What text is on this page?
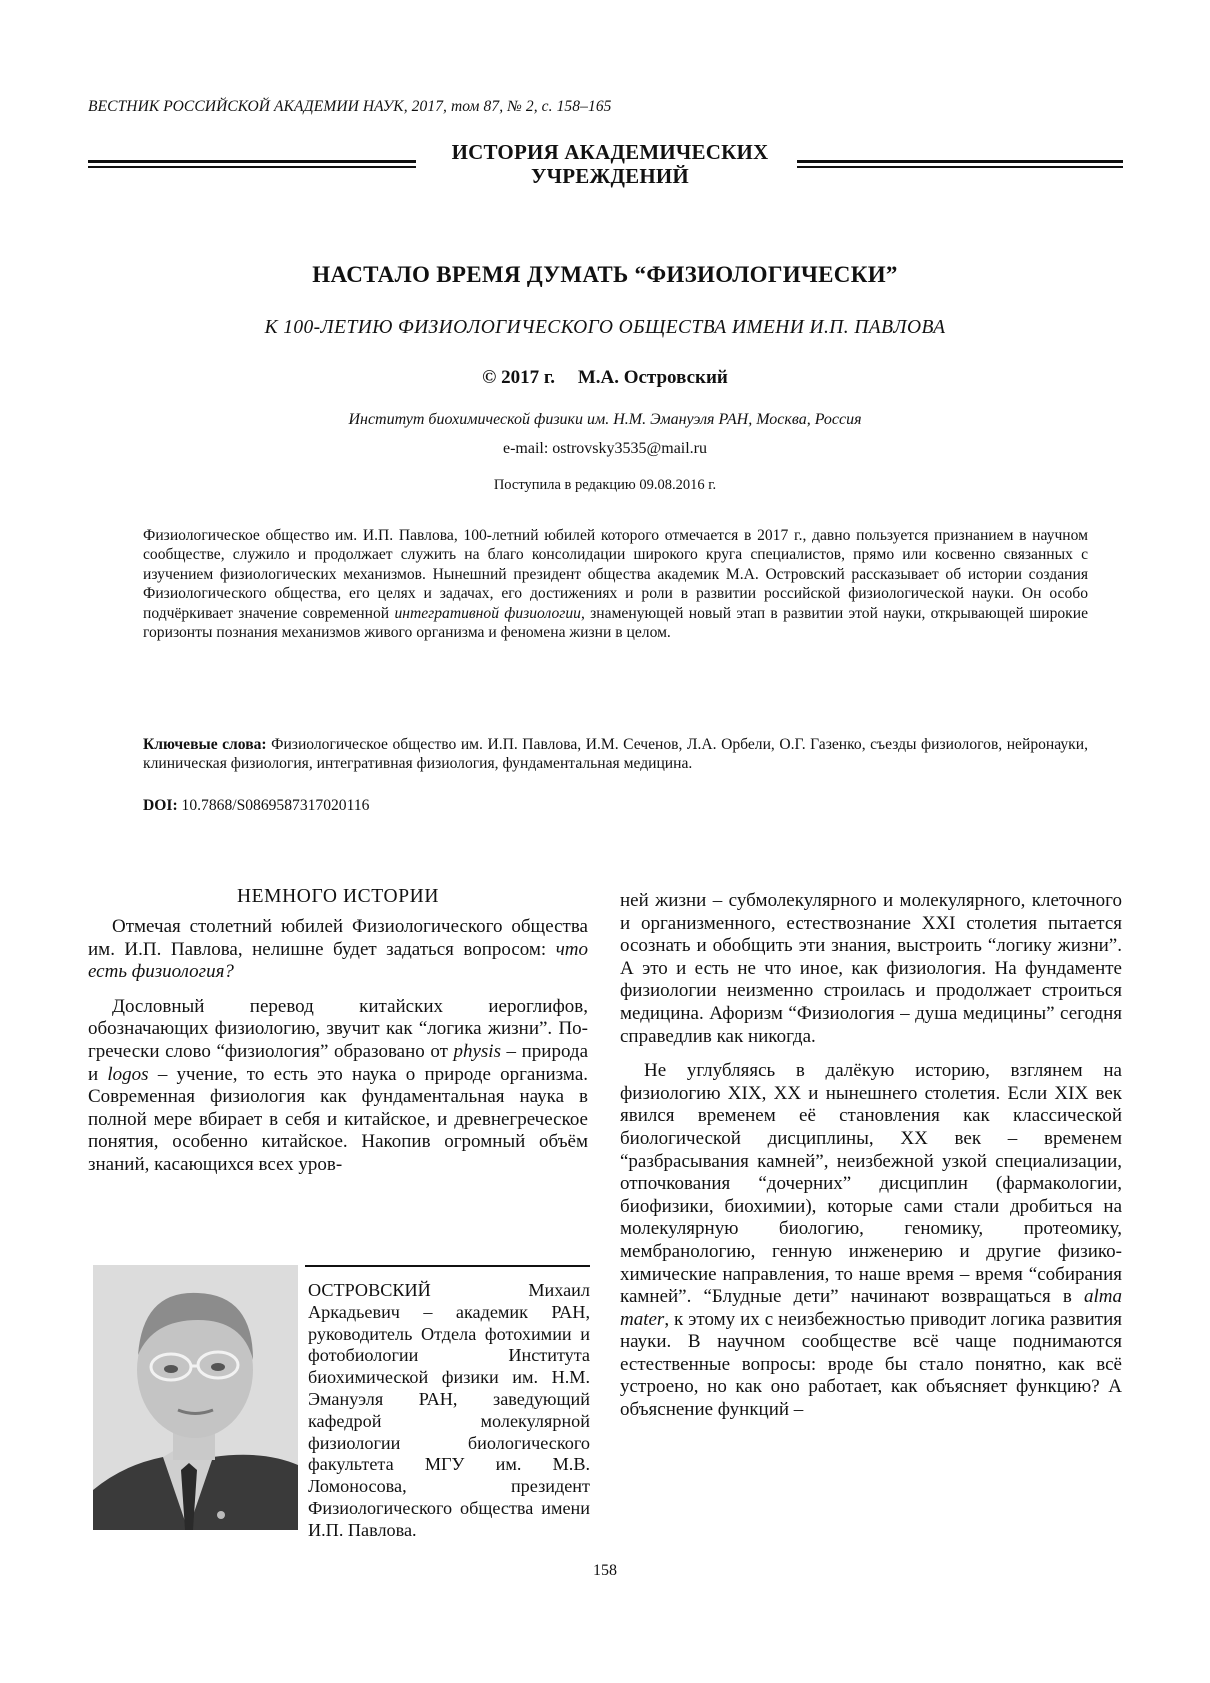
ВЕСТНИК РОССИЙСКОЙ АКАДЕМИИ НАУК, 2017, том 87, № 2, с. 158–165
ИСТОРИЯ АКАДЕМИЧЕСКИХ
УЧРЕЖДЕНИЙ
НАСТАЛО ВРЕМЯ ДУМАТЬ “ФИЗИОЛОГИЧЕСКИ”
К 100-ЛЕТИЮ ФИЗИОЛОГИЧЕСКОГО ОБЩЕСТВА ИМЕНИ И.П. ПАВЛОВА
© 2017 г. М.А. Островский
Институт биохимической физики им. Н.М. Эмануэля РАН, Москва, Россия
e-mail: ostrovsky3535@mail.ru
Поступила в редакцию 09.08.2016 г.
Физиологическое общество им. И.П. Павлова, 100-летний юбилей которого отмечается в 2017 г., давно пользуется признанием в научном сообществе, служило и продолжает служить на благо консолидации широкого круга специалистов, прямо или косвенно связанных с изучением физиологических механизмов. Нынешний президент общества академик М.А. Островский рассказывает об истории создания Физиологического общества, его целях и задачах, его достижениях и роли в развитии российской физиологической науки. Он особо подчёркивает значение современной интегративной физиологии, знаменующей новый этап в развитии этой науки, открывающей широкие горизонты познания механизмов живого организма и феномена жизни в целом.
Ключевые слова: Физиологическое общество им. И.П. Павлова, И.М. Сеченов, Л.А. Орбели, О.Г. Газенко, съезды физиологов, нейронауки, клиническая физиология, интегративная физиология, фундаментальная медицина.
DOI: 10.7868/S0869587317020116
НЕМНОГО ИСТОРИИ

Отмечая столетний юбилей Физиологического общества им. И.П. Павлова, нелишне будет задаться вопросом: что есть физиология?

Дословный перевод китайских иероглифов, обозначающих физиологию, звучит как “логика жизни”. По-гречески слово “физиология” образовано от physis – природа и logos – учение, то есть это наука о природе организма. Современная физиология как фундаментальная наука в полной мере вбирает в себя и китайское, и древнегреческое понятия, особенно китайское. Накопив огромный объём знаний, касающихся всех уров-

ОСТРОВСКИЙ Михаил Аркадьевич – академик РАН, руководитель Отдела фотохимии и фотобиологии Института биохимической физики им. Н.М. Эмануэля РАН, заведующий кафедрой молекулярной физиологии биологического факультета МГУ им. М.В. Ломоносова, президент Физиологического общества имени И.П. Павлова.

ней жизни – субмолекулярного и молекулярного, клеточного и организменного, естествознание XXI столетия пытается осознать и обобщить эти знания, выстроить “логику жизни”. А это и есть не что иное, как физиология. На фундаменте физиологии неизменно строилась и продолжает строиться медицина. Афоризм “Физиология – душа медицины” сегодня справедлив как никогда.

Не углубляясь в далёкую историю, взглянем на физиологию XIX, XX и нынешнего столетия. Если XIX век явился временем её становления как классической биологической дисциплины, XX век – временем “разбрасывания камней”, неизбежной узкой специализации, отпочкования “дочерних” дисциплин (фармакологии, биофизики, биохимии), которые сами стали дробиться на молекулярную биологию, геномику, протеомику, мембранологию, генную инженерию и другие физико-химические направления, то наше время – время “собирания камней”. “Блудные дети” начинают возвращаться в alma mater, к этому их с неизбежностью приводит логика развития науки. В научном сообществе всё чаще поднимаются естественные вопросы: вроде бы стало понятно, как всё устроено, но как оно работает, как объясняет функцию? А объяснение функций –

158
